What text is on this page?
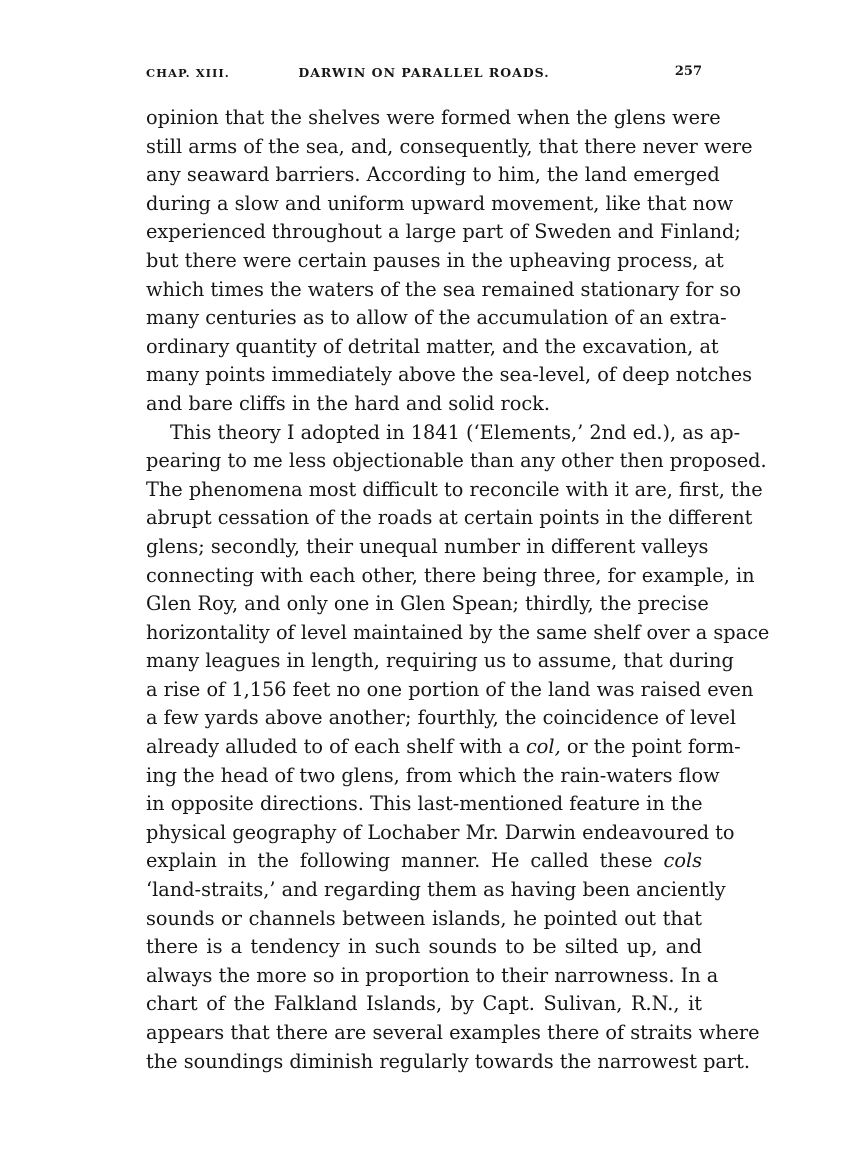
CHAP. XIII.	DARWIN ON PARALLEL ROADS.	257
opinion that the shelves were formed when the glens were
still arms of the sea, and, consequently, that there never were
any seaward barriers. According to him, the land emerged
during a slow and uniform upward movement, like that now
experienced throughout a large part of Sweden and Finland;
but there were certain pauses in the upheaving process, at
which times the waters of the sea remained stationary for so
many centuries as to allow of the accumulation of an extra-
ordinary quantity of detrital matter, and the excavation, at
many points immediately above the sea-level, of deep notches
and bare cliffs in the hard and solid rock.
This theory I adopted in 1841 (‘Elements,’ 2nd ed.), as ap-
pearing to me less objectionable than any other then proposed.
The phenomena most difficult to reconcile with it are, first, the
abrupt cessation of the roads at certain points in the different
glens; secondly, their unequal number in different valleys
connecting with each other, there being three, for example, in
Glen Roy, and only one in Glen Spean; thirdly, the precise
horizontality of level maintained by the same shelf over a space
many leagues in length, requiring us to assume, that during
a rise of 1,156 feet no one portion of the land was raised even
a few yards above another; fourthly, the coincidence of level
already alluded to of each shelf with a col, or the point form-
ing the head of two glens, from which the rain-waters flow
in opposite directions. This last-mentioned feature in the
physical geography of Lochaber Mr. Darwin endeavoured to
explain in the following manner. He called these cols
‘land-straits,’ and regarding them as having been anciently
sounds or channels between islands, he pointed out that
there is a tendency in such sounds to be silted up, and
always the more so in proportion to their narrowness. In a
chart of the Falkland Islands, by Capt. Sulivan, R.N., it
appears that there are several examples there of straits where
the soundings diminish regularly towards the narrowest part.
